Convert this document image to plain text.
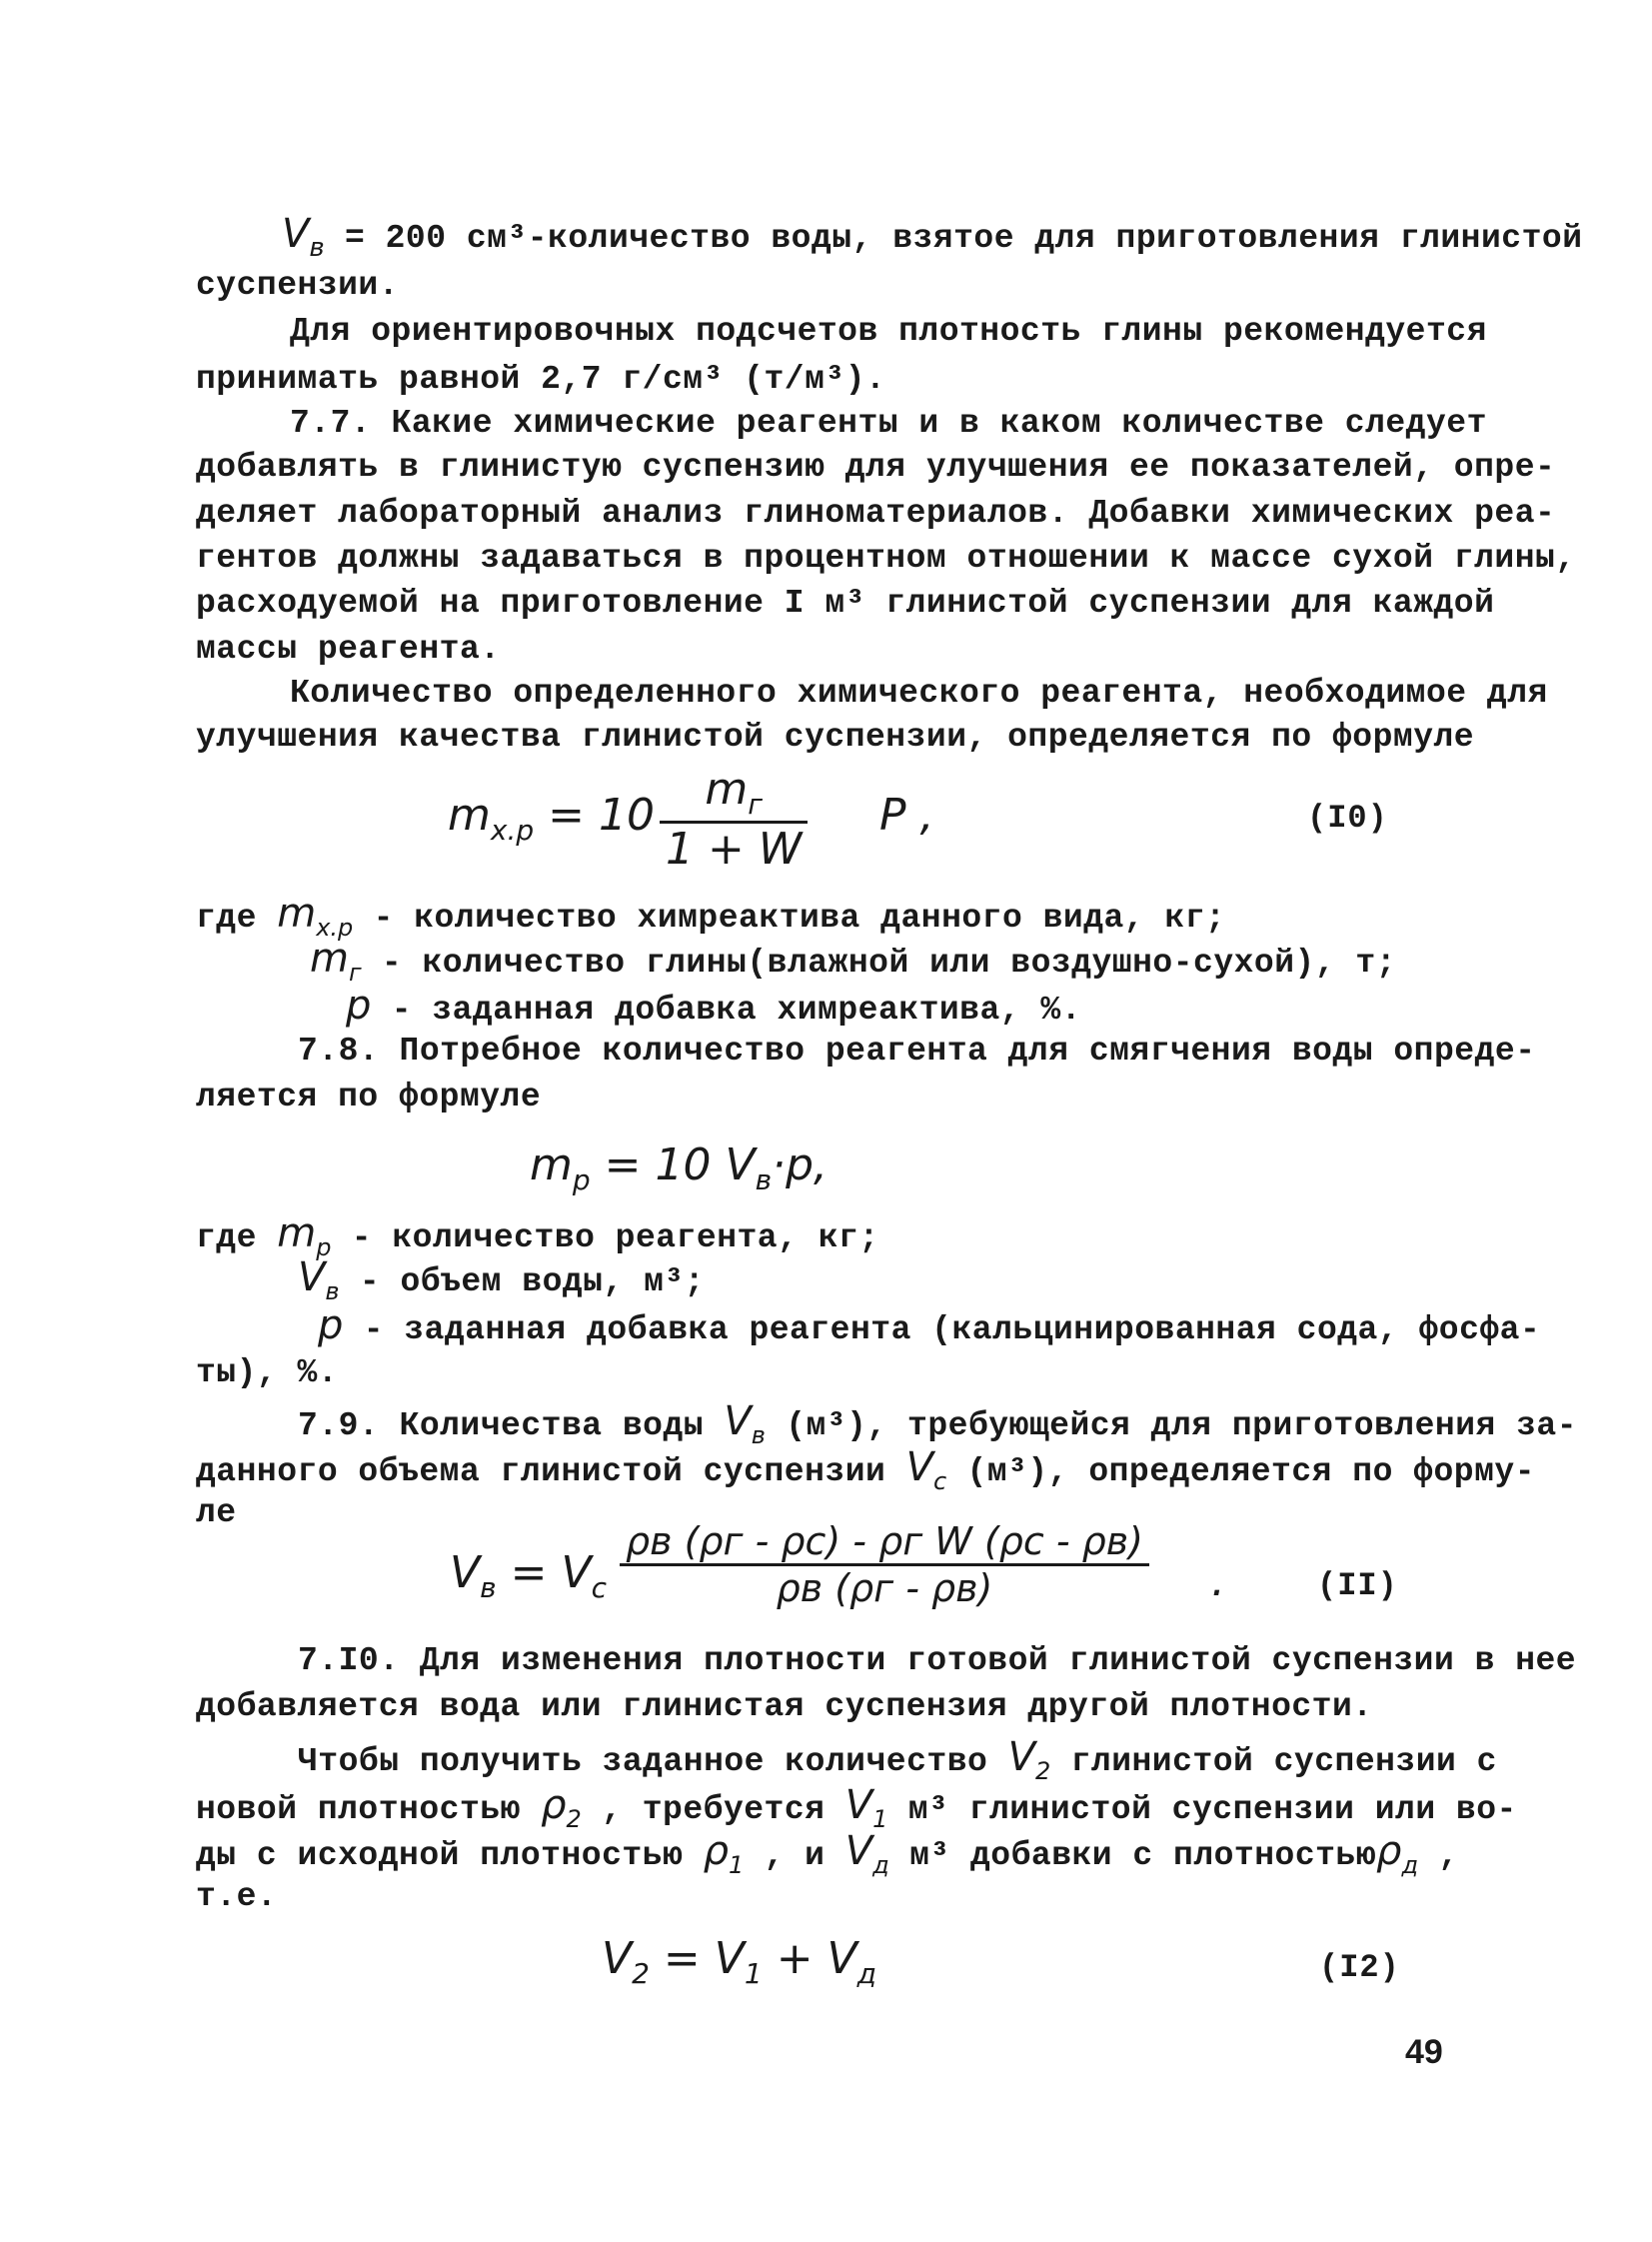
$V_в = 200$ см³-количество воды, взятое для приготовления глинистой
суспензии.
Для ориентировочных подсчетов плотность глины рекомендуется
принимать равной 2,7 г/см³ (т/м³).
7.7. Какие химические реагенты и в каком количестве следует
добавлять в глинистую суспензию для улучшения ее показателей, опре-
деляет лабораторный анализ глиноматериалов. Добавки химических реа-
гентов должны задаваться в процентном отношении к массе сухой глины,
расходуемой на приготовление I м³ глинистой суспензии для каждой
массы реагента.
Количество определенного химического реагента, необходимое для
улучшения качества глинистой суспензии, определяется по формуле
$m_{х.р} = 10$
$m_г$
1 + W
P ,	(I0)
где $m_{х.р}$ - количество химреактива данного вида, кг;
$m_г$ - количество глины(влажной или воздушно-сухой), т;
p - заданная добавка химреактива, %.
7.8. Потребное количество реагента для смягчения воды опреде-
ляется по формуле
$m_р = 10$ $V_в\cdot p$,
где $m_р$ - количество реагента, кг;
$V_в$ - объем воды, м³;
p - заданная добавка реагента (кальцинированная сода, фосфа-
ты), %.
7.9. Количества воды $V_в$ (м³), требующейся для приготовления за-
данного объема глинистой суспензии $V_с$ (м³), определяется по форму-
ле
$V_в = V_с$
ρв (ρг - ρс) - ρг W (ρс - ρв)
ρв (ρг - ρв)	.	(II)
7.I0. Для изменения плотности готовой глинистой суспензии в нее
добавляется вода или глинистая суспензия другой плотности.
Чтобы получить заданное количество $V_2$ глинистой суспензии с
новой плотностью $\rho_2$ , требуется $V_1$ м³ глинистой суспензии или во-
ды с исходной плотностью $\rho_1$ , и $V_д$ м³ добавки с плотностьюρ$_д$ ,
т.е.
$V_2 = V_1 + V_д$	(I2)
49
